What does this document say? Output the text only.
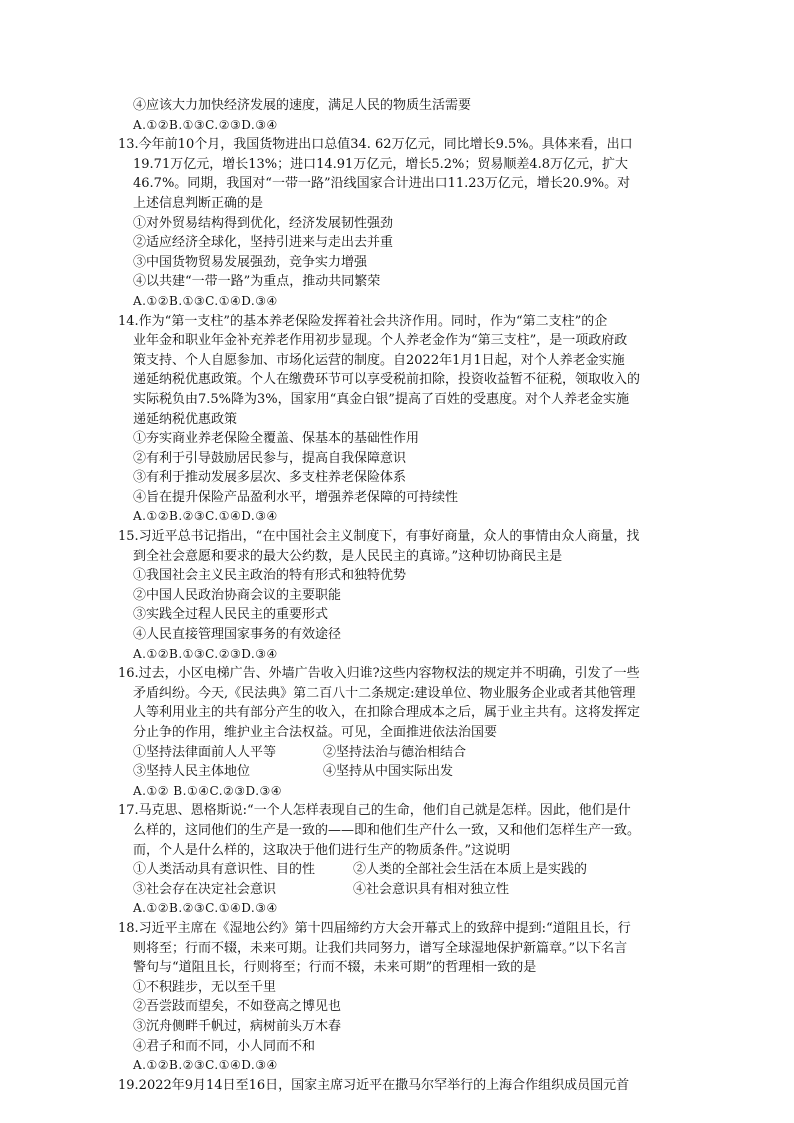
④应该大力加快经济发展的速度，满足人民的物质生活需要
A.①②B.①③C.②③D.③④
13.今年前10个月，我国货物进出口总值34. 62万亿元，同比增长9.5%。具体来看，出口
19.71万亿元，增长13%；进口14.91万亿元，增长5.2%；贸易顺差4.8万亿元，扩大
46.7%。同期，我国对“一带一路”沿线国家合计进出口11.23万亿元，增长20.9%。对
上述信息判断正确的是
①对外贸易结构得到优化，经济发展韧性强劲
②适应经济全球化，坚持引进来与走出去并重
③中国货物贸易发展强劲，竞争实力增强
④以共建“一带一路”为重点，推动共同繁荣
A.①②B.①③C.①④D.③④
14.作为“第一支柱”的基本养老保险发挥着社会共济作用。同时，作为“第二支柱”的企
业年金和职业年金补充养老作用初步显现。个人养老金作为“第三支柱”，是一项政府政
策支持、个人自愿参加、市场化运营的制度。自2022年1月1日起，对个人养老金实施
递延纳税优惠政策。个人在缴费环节可以享受税前扣除，投资收益暂不征税，领取收入的
实际税负由7.5%降为3%，国家用“真金白银”提高了百姓的受惠度。对个人养老金实施
递延纳税优惠政策
①夯实商业养老保险全覆盖、保基本的基础性作用
②有利于引导鼓励居民参与，提高自我保障意识
③有利于推动发展多层次、多支柱养老保险体系
④旨在提升保险产品盈利水平，增强养老保障的可持续性
A.①②B.②③C.①④D.③④
15.习近平总书记指出，“在中国社会主义制度下，有事好商量，众人的事情由众人商量，找
到全社会意愿和要求的最大公约数，是人民民主的真谛。”这种切协商民主是
①我国社会主义民主政治的特有形式和独特优势
②中国人民政治协商会议的主要职能
③实践全过程人民民主的重要形式
④人民直接管理国家事务的有效途径
A.①②B.①③C.②③D.③④
16.过去，小区电梯广告、外墙广告收入归谁?这些内容物权法的规定并不明确，引发了一些
矛盾纠纷。今天,《民法典》第二百八十二条规定:建设单位、物业服务企业或者其他管理
人等利用业主的共有部分产生的收入，在扣除合理成本之后，属于业主共有。这将发挥定
分止争的作用，维护业主合法权益。可见，全面推进依法治国要
①坚持法律面前人人平等	②坚持法治与德治相结合
③坚持人民主体地位	④坚持从中国实际出发
A.①② B.①④C.②③D.③④
17.马克思、恩格斯说:“一个人怎样表现自己的生命，他们自己就是怎样。因此，他们是什
么样的，这同他们的生产是一致的——即和他们生产什么一致，又和他们怎样生产一致。
而，个人是什么样的，这取决于他们进行生产的物质条件。”这说明
①人类活动具有意识性、目的性	②人类的全部社会生活在本质上是实践的
③社会存在决定社会意识	④社会意识具有相对独立性
A.①②B.②③C.①④D.③④
18.习近平主席在《湿地公约》第十四届缔约方大会开幕式上的致辞中提到:“道阻且长，行
则将至；行而不辍，未来可期。让我们共同努力，谱写全球湿地保护新篇章。”以下名言
警句与“道阻且长，行则将至；行而不辍，未来可期”的哲理相一致的是
①不积跬步，无以至千里
②吾尝跂而望矣，不如登高之博见也
③沉舟侧畔千帆过，病树前头万木春
④君子和而不同，小人同而不和
A.①②B.②③C.①④D.③④
19.2022年9月14日至16日，国家主席习近平在撒马尔罕举行的上海合作组织成员国元首
